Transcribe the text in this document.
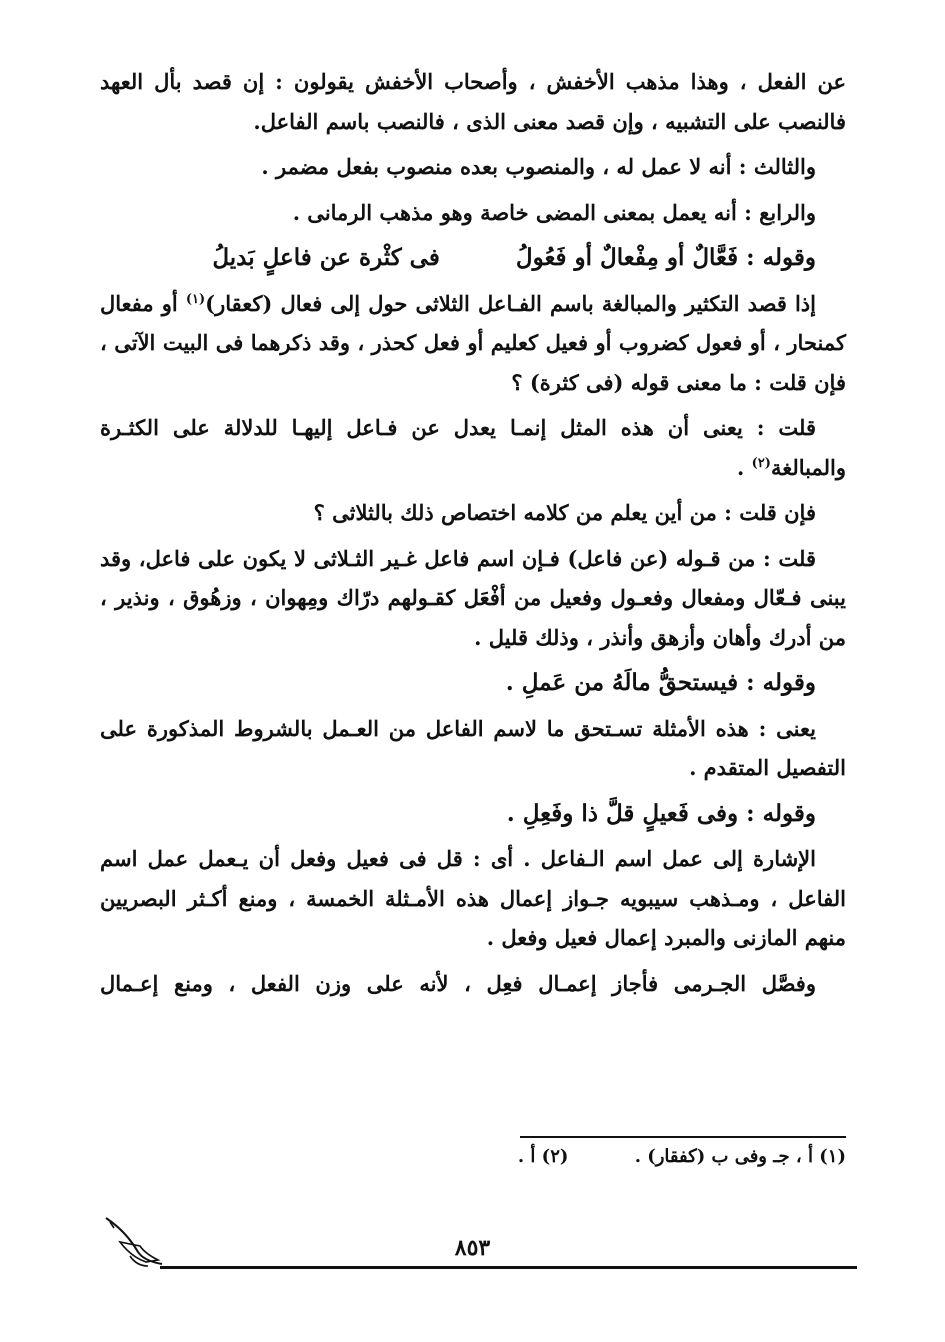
عن الفعل ، وهذا مذهب الأخفش ، وأصحاب الأخفش يقولون : إن قصد بأل العهد فالنصب على التشبيه ، وإن قصد معنى الذى ، فالنصب باسم الفاعل.

والثالث : أنه لا عمل له ، والمنصوب بعده منصوب بفعل مضمر .

والرابع : أنه يعمل بمعنى المضى خاصة وهو مذهب الرمانى .

وقوله : فَعَّالٌ أو مِفْعالٌ أو فَعُولُ  فى كثْرة عن فاعلٍ بَديلُ

إذا قصد التكثير والمبالغة باسم الفـاعل الثلاثى حول إلى فعال (كعقار)$^{(١)}$ أو مفعال كمنحار ، أو فعول كضروب أو فعيل كعليم أو فعل كحذر ، وقد ذكرهما فى البيت الآتى ، فإن قلت : ما معنى قوله (فى كثرة) ؟

قلت : يعنى أن هذه المثل إنمـا يعدل عن فـاعل إليهـا للدلالة على الكثـرة والمبالغة$^{(٢)}$ .

فإن قلت : من أين يعلم من كلامه اختصاص ذلك بالثلاثى ؟

قلت : من قـوله (عن فاعل) فـإن اسم فاعل غـير الثـلاثى لا يكون على فاعل، وقد يبنى فـعّال ومفعال وفعـول وفعيل من أفْعَل كقـولهم درّاك ومِهوان ، وزهُوق ، ونذير ، من أدرك وأهان وأزهق وأنذر ، وذلك قليل .

وقوله : فيستحقُّ مالَهُ من عَملِ .

يعنى : هذه الأمثلة تسـتحق ما لاسم الفاعل من العـمل بالشروط المذكورة على التفصيل المتقدم .

وقوله : وفى فَعيلٍ قلَّ ذا وفَعِلِ .

الإشارة إلى عمل اسم الـفاعل . أى : قل فى فعيل وفعل أن يـعمل عمل اسم الفاعل ، ومـذهب سيبويه جـواز إعمال هذه الأمـثلة الخمسة ، ومنع أكـثر البصريين منهم المازنى والمبرد إعمال فعيل وفعل .

وفصَّل الجـرمى فأجاز إعمـال فعِل ، لأنه على وزن الفعل ، ومنع إعـمال

(١) أ ، جـ وفى ب (كفقار) . (٢) أ .
٨٥٣
